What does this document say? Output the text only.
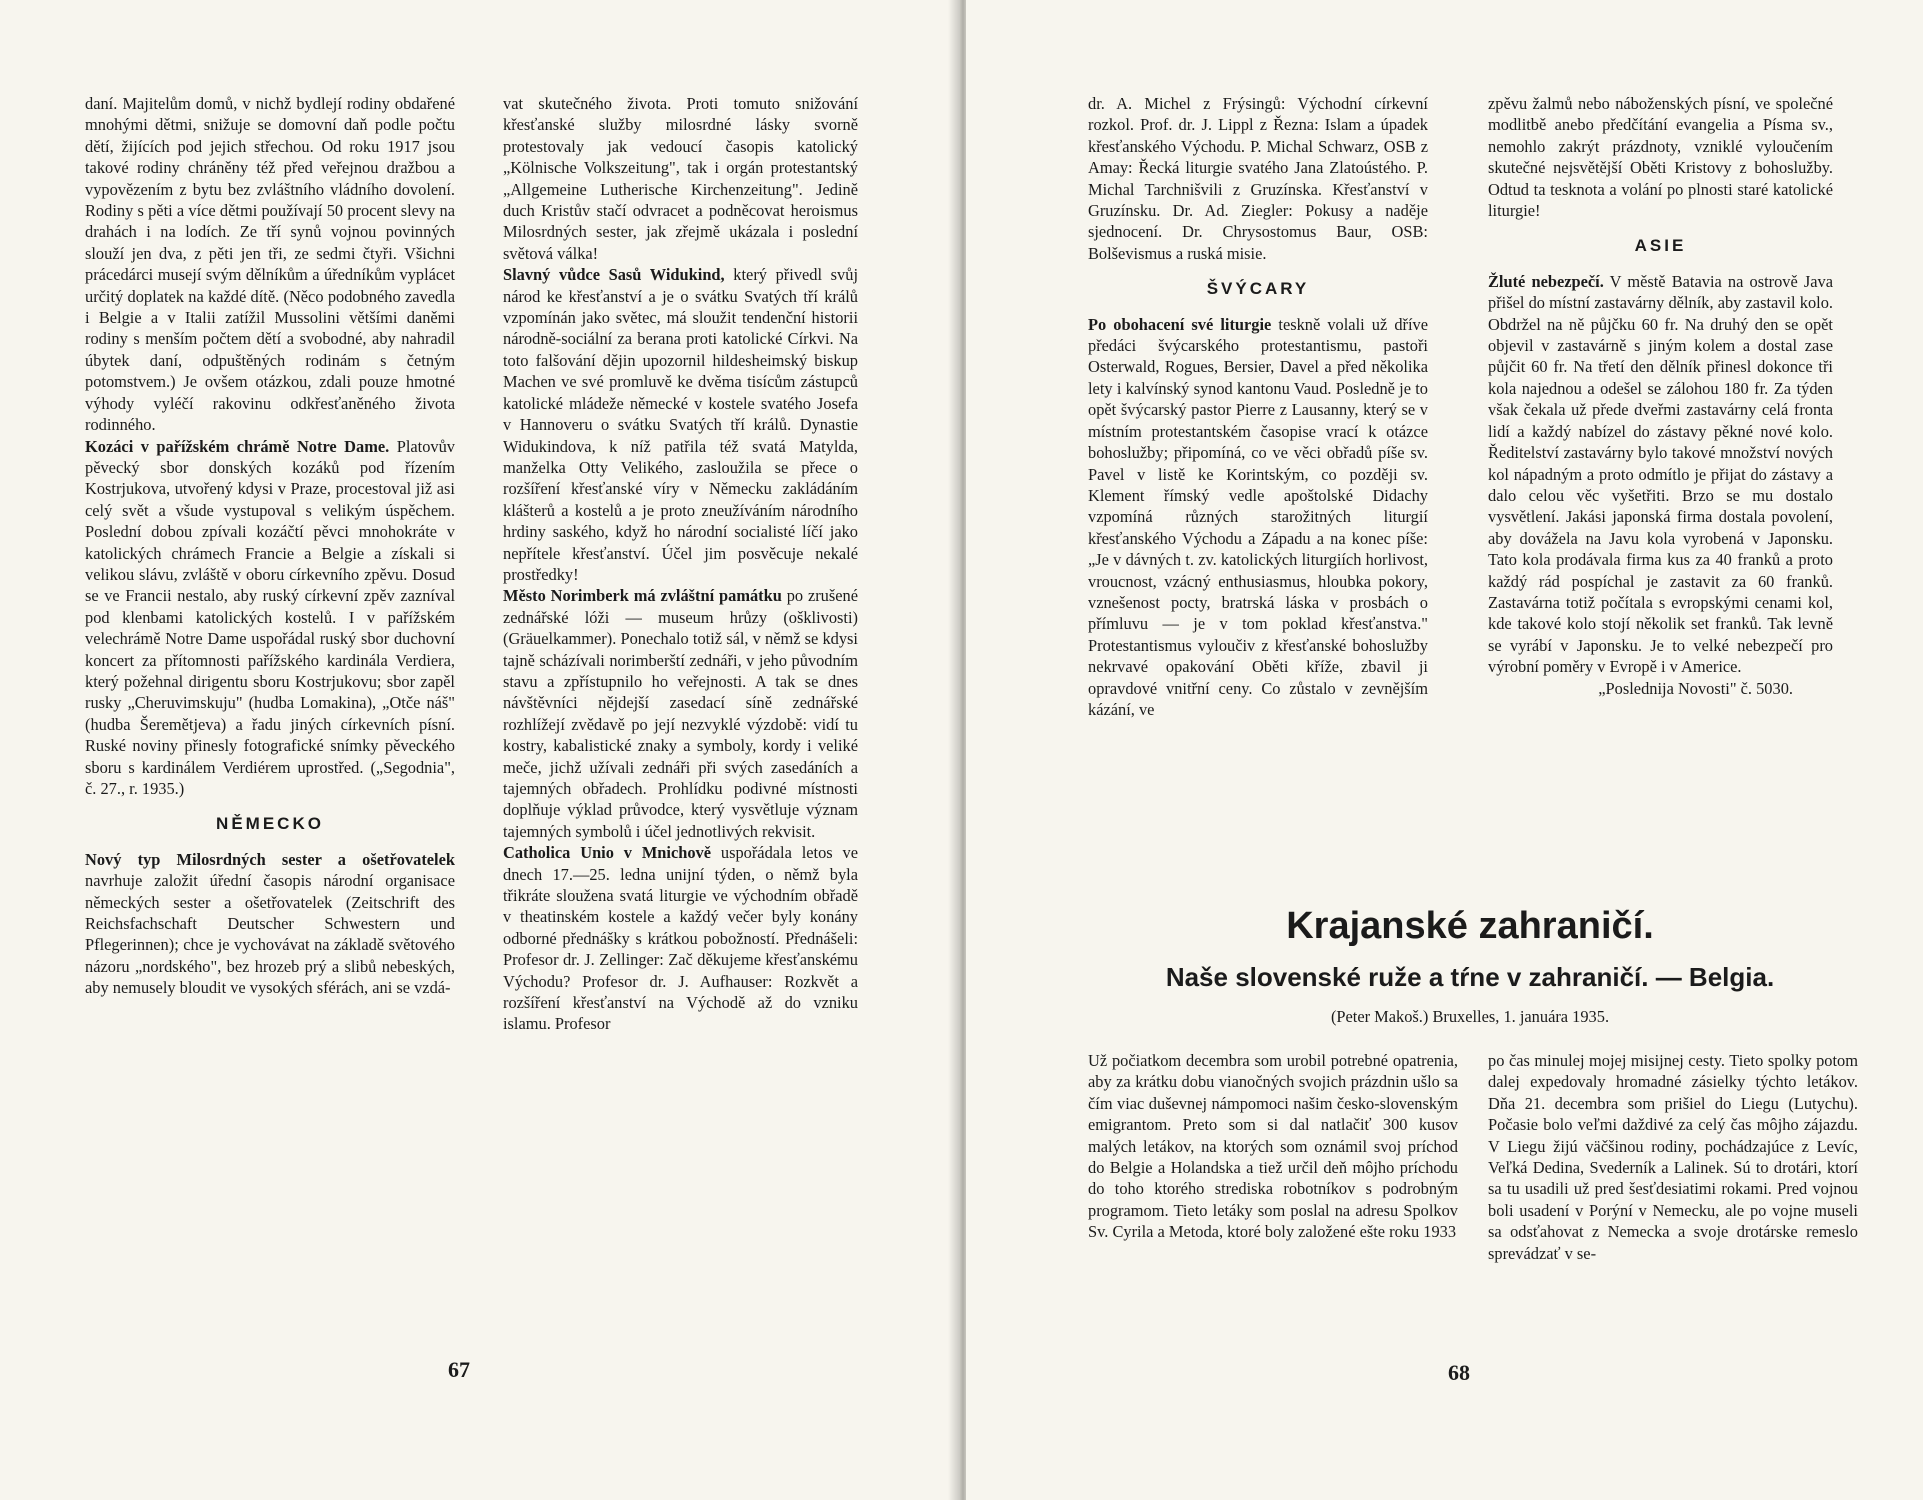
daní. Majitelům domů, v nichž bydlejí rodiny obdařené mnohými dětmi, snižuje se domovní daň podle počtu dětí, žijících pod jejich střechou. Od roku 1917 jsou takové rodiny chráněny též před veřejnou dražbou a vypovězením z bytu bez zvláštního vládního dovolení. Rodiny s pěti a více dětmi používají 50 procent slevy na drahách i na lodích. Ze tří synů vojnou povinných slouží jen dva, z pěti jen tři, ze sedmi čtyři. Všichni prácedárci musejí svým dělníkům a úředníkům vyplácet určitý doplatek na každé dítě. (Něco podobného zavedla i Belgie a v Italii zatížil Mussolini většími daněmi rodiny s menším počtem dětí a svobodné, aby nahradil úbytek daní, odpuštěných rodinám s četným potomstvem.) Je ovšem otázkou, zdali pouze hmotné výhody vyléčí rakovinu odkřesťaněného života rodinného.

Kozáci v pařížském chrámě Notre Dame. Platovův pěvecký sbor donských kozáků pod řízením Kostrjukova, utvořený kdysi v Praze, procestoval již asi celý svět a všude vystupoval s velikým úspěchem. Poslední dobou zpívali kozáčtí pěvci mnohokráte v katolických chrámech Francie a Belgie a získali si velikou slávu, zvláště v oboru církevního zpěvu. Dosud se ve Francii nestalo, aby ruský církevní zpěv zazníval pod klenbami katolických kostelů. I v pařížském velechrámě Notre Dame uspořádal ruský sbor duchovní koncert za přítomnosti pařížského kardinála Verdiera, který požehnal dirigentu sboru Kostrjukovu; sbor zapěl rusky „Cheruvimskuju" (hudba Lomakina), „Otče náš" (hudba Šeremětjeva) a řadu jiných církevních písní. Ruské noviny přinesly fotografické snímky pěveckého sboru s kardinálem Verdiérem uprostřed. („Segodnia", č. 27., r. 1935.)

NĚMECKO

Nový typ Milosrdných sester a ošetřovatelek navrhuje založit úřední časopis národní organisace německých sester a ošetřovatelek (Zeitschrift des Reichsfachschaft Deutscher Schwestern und Pflegerinnen); chce je vychovávat na základě světového názoru „nordského", bez hrozeb prý a slibů nebeských, aby nemusely bloudit ve vysokých sférách, ani se vzdá-

vat skutečného života. Proti tomuto snižování křesťanské služby milosrdné lásky svorně protestovaly jak vedoucí časopis katolický „Kölnische Volkszeitung", tak i orgán protestantský „Allgemeine Lutherische Kirchenzeitung". Jedině duch Kristův stačí odvracet a podněcovat heroismus Milosrdných sester, jak zřejmě ukázala i poslední světová válka!

Slavný vůdce Sasů Widukind, který přivedl svůj národ ke křesťanství a je o svátku Svatých tří králů vzpomínán jako světec, má sloužit tendenční historii národně-sociální za berana proti katolické Církvi. Na toto falšování dějin upozornil hildesheimský biskup Machen ve své promluvě ke dvěma tisícům zástupců katolické mládeže německé v kostele svatého Josefa v Hannoveru o svátku Svatých tří králů. Dynastie Widukindova, k níž patřila též svatá Matylda, manželka Otty Velikého, zasloužila se přece o rozšíření křesťanské víry v Německu zakládáním klášterů a kostelů a je proto zneužíváním národního hrdiny saského, když ho národní socialisté líčí jako nepřítele křesťanství. Účel jim posvěcuje nekalé prostředky!

Město Norimberk má zvláštní památku po zrušené zednářské lóži — museum hrůzy (ošklivosti) (Gräuelkammer). Ponechalo totiž sál, v němž se kdysi tajně scházívali norimberští zednáři, v jeho původním stavu a zpřístupnilo ho veřejnosti. A tak se dnes návštěvníci nějdejší zasedací síně zednářské rozhlížejí zvědavě po její nezvyklé výzdobě: vidí tu kostry, kabalistické znaky a symboly, kordy i veliké meče, jichž užívali zednáři při svých zasedáních a tajemných obřadech. Prohlídku podivné místnosti doplňuje výklad průvodce, který vysvětluje význam tajemných symbolů i účel jednotlivých rekvisit.

Catholica Unio v Mnichově uspořádala letos ve dnech 17.—25. ledna unijní týden, o němž byla třikráte sloužena svatá liturgie ve východním obřadě v theatinském kostele a každý večer byly konány odborné přednášky s krátkou pobožností. Přednášeli: Profesor dr. J. Zellinger: Zač děkujeme křesťanskému Východu? Profesor dr. J. Aufhauser: Rozkvět a rozšíření křesťanství na Východě až do vzniku islamu. Profesor

67

dr. A. Michel z Frýsingů: Východní církevní rozkol. Prof. dr. J. Lippl z Řezna: Islam a úpadek křesťanského Východu. P. Michal Schwarz, OSB z Amay: Řecká liturgie svatého Jana Zlatoústého. P. Michal Tarchnišvili z Gruzínska. Křesťanství v Gruzínsku. Dr. Ad. Ziegler: Pokusy a naděje sjednocení. Dr. Chrysostomus Baur, OSB: Bolševismus a ruská misie.

ŠVÝCARY

Po obohacení své liturgie teskně volali už dříve předáci švýcarského protestantismu, pastoři Osterwald, Rogues, Bersier, Davel a před několika lety i kalvínský synod kantonu Vaud. Posledně je to opět švýcarský pastor Pierre z Lausanny, který se v místním protestantském časopise vrací k otázce bohoslužby; připomíná, co ve věci obřadů píše sv. Pavel v listě ke Korintským, co později sv. Klement římský vedle apoštolské Didachy vzpomíná různých starožitných liturgií křesťanského Východu a Západu a na konec píše: „Je v dávných t. zv. katolických liturgiích horlivost, vroucnost, vzácný enthusiasmus, hloubka pokory, vznešenost pocty, bratrská láska v prosbách o přímluvu — je v tom poklad křesťanstva." Protestantismus vyloučiv z křesťanské bohoslužby nekrvavé opakování Oběti kříže, zbavil ji opravdové vnitřní ceny. Co zůstalo v zevnějším kázání, ve

zpěvu žalmů nebo náboženských písní, ve společné modlitbě anebo předčítání evangelia a Písma sv., nemohlo zakrýt prázdnoty, vzniklé vyloučením skutečné nejsvětější Oběti Kristovy z bohoslužby. Odtud ta tesknota a volání po plnosti staré katolické liturgie!

ASIE

Žluté nebezpečí. V městě Batavia na ostrově Java přišel do místní zastavárny dělník, aby zastavil kolo. Obdržel na ně půjčku 60 fr. Na druhý den se opět objevil v zastavárně s jiným kolem a dostal zase půjčit 60 fr. Na třetí den dělník přinesl dokonce tři kola najednou a odešel se zálohou 180 fr. Za týden však čekala už přede dveřmi zastavárny celá fronta lidí a každý nabízel do zástavy pěkné nové kolo. Ředitelství zastavárny bylo takové množství nových kol nápadným a proto odmítlo je přijat do zástavy a dalo celou věc vyšetřiti. Brzo se mu dostalo vysvětlení. Jakási japonská firma dostala povolení, aby dovážela na Javu kola vyrobená v Japonsku. Tato kola prodávala firma kus za 40 franků a proto každý rád pospíchal je zastavit za 60 franků. Zastavárna totiž počítala s evropskými cenami kol, kde takové kolo stojí několik set franků. Tak levně se vyrábí v Japonsku. Je to velké nebezpečí pro výrobní poměry v Evropě i v Americe.

„Poslednija Novosti" č. 5030.

Krajanské zahraničí.
Naše slovenské ruže a tŕne v zahraničí. — Belgia.
(Peter Makoš.) Bruxelles, 1. januára 1935.

Už počiatkom decembra som urobil potrebné opatrenia, aby za krátku dobu vianočných svojich prázdnin ušlo sa čím viac duševnej námpomoci našim česko-slovenským emigrantom. Preto som si dal natlačiť 300 kusov malých letákov, na ktorých som oznámil svoj príchod do Belgie a Holandska a tiež určil deň môjho príchodu do toho ktorého strediska robotníkov s podrobným programom. Tieto letáky som poslal na adresu Spolkov Sv. Cyrila a Metoda, ktoré boly založené ešte roku 1933

po čas minulej mojej misijnej cesty. Tieto spolky potom dalej expedovaly hromadné zásielky týchto letákov. Dňa 21. decembra som prišiel do Liegu (Lutychu). Počasie bolo veľmi daždivé za celý čas môjho zájazdu. V Liegu žijú väčšinou rodiny, pochádzajúce z Levíc, Veľká Dedina, Svederník a Lalinek. Sú to drotári, ktorí sa tu usadili už pred šesťdesiatimi rokami. Pred vojnou boli usadení v Porýní v Nemecku, ale po vojne museli sa odsťahovat z Nemecka a svoje drotárske remeslo sprevádzať v se-

68
